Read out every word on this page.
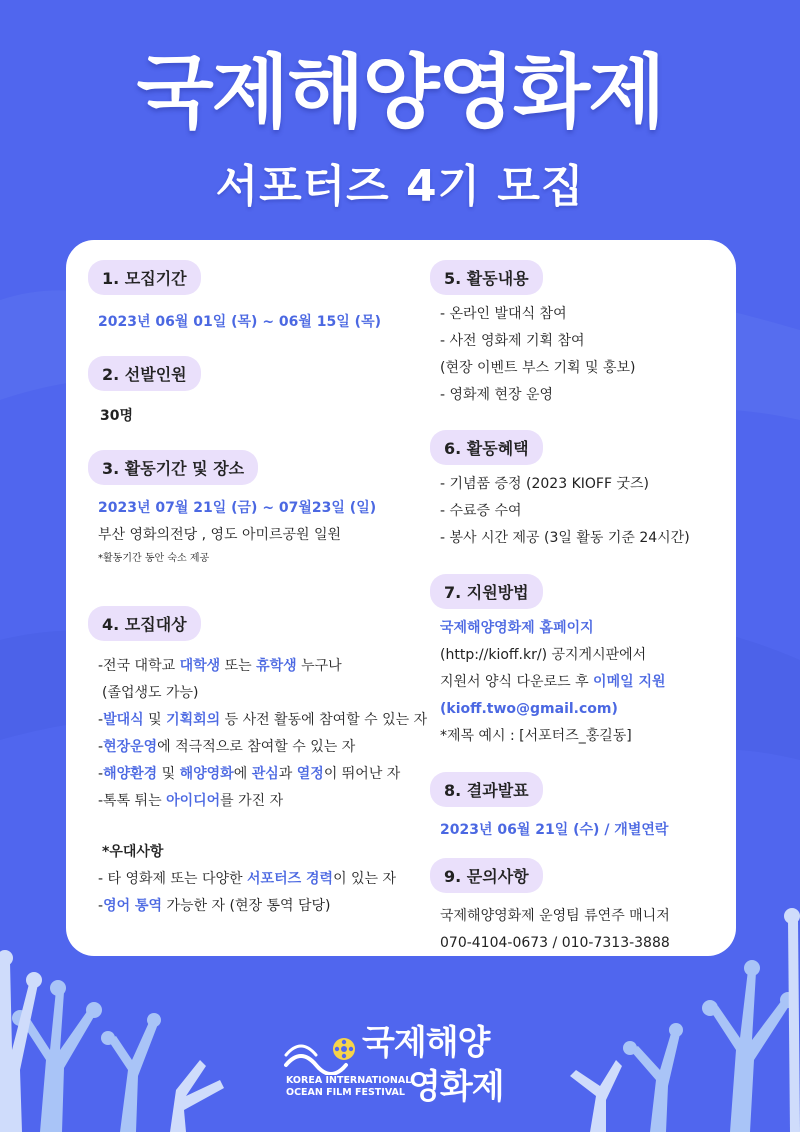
국제해양영화제
서포터즈 4기 모집
1. 모집기간
2023년 06월 01일 (목) ~ 06월 15일 (목)
2. 선발인원
30명
3. 활동기간 및 장소
2023년 07월 21일 (금) ~ 07월23일 (일)
부산 영화의전당 , 영도 아미르공원 일원
*활동기간 동안 숙소 제공
4. 모집대상
-전국 대학교 대학생 또는 휴학생 누구나
(졸업생도 가능)
-발대식 및 기획회의 등 사전 활동에 참여할 수 있는 자
-현장운영에 적극적으로 참여할 수 있는 자
-해양환경 및 해양영화에 관심과 열정이 뛰어난 자
-톡톡 튀는 아이디어를 가진 자
*우대사항
- 타 영화제 또는 다양한 서포터즈 경력이 있는 자
-영어 통역 가능한 자 (현장 통역 담당)
5. 활동내용
- 온라인 발대식 참여
- 사전 영화제 기획 참여
(현장 이벤트 부스 기획 및 홍보)
- 영화제 현장 운영
6. 활동혜택
- 기념품 증정 (2023 KIOFF 굿즈)
- 수료증 수여
- 봉사 시간 제공 (3일 활동 기준 24시간)
7. 지원방법
국제해양영화제 홈페이지
(http://kioff.kr/) 공지게시판에서
지원서 양식 다운로드 후 이메일 지원
(kioff.two@gmail.com)
*제목 예시 : [서포터즈_홍길동]
8. 결과발표
2023년 06월 21일 (수) / 개별연락
9. 문의사항
국제해양영화제 운영팀 류연주 매니저
070-4104-0673 / 010-7313-3888
국제해양
영화제
KOREA INTERNATIONAL
OCEAN FILM FESTIVAL
